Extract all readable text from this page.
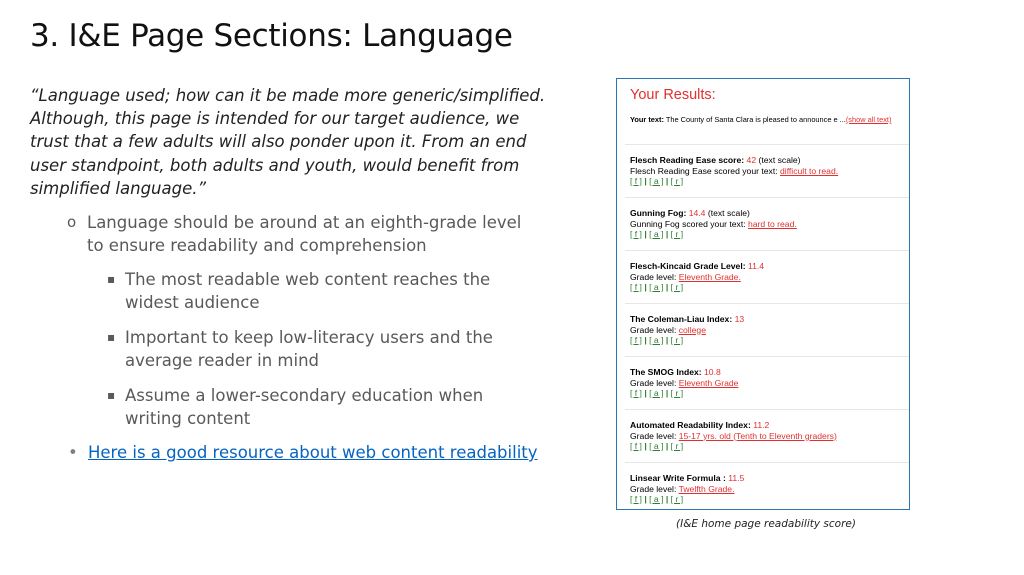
3. I&E Page Sections: Language
“Language used; how can it be made more generic/simplified. Although, this page is intended for our target audience, we trust that a few adults will also ponder upon it. From an end user standpoint, both adults and youth, would benefit from simplified language.”
o Language should be around at an eighth-grade level to ensure readability and comprehension
▪ The most readable web content reaches the widest audience
▪ Important to keep low-literacy users and the average reader in mind
▪ Assume a lower-secondary education when writing content
• Here is a good resource about web content readability
Your Results:
Your text: The County of Santa Clara is pleased to announce e ...(show all text)
Flesch Reading Ease score: 42 (text scale)
Flesch Reading Ease scored your text: difficult to read.
[ f ] | [ a ] | [ r ]
Gunning Fog: 14.4 (text scale)
Gunning Fog scored your text: hard to read.
[ f ] | [ a ] | [ r ]
Flesch-Kincaid Grade Level: 11.4
Grade level: Eleventh Grade.
[ f ] | [ a ] | [ r ]
The Coleman-Liau Index: 13
Grade level: college
[ f ] | [ a ] | [ r ]
The SMOG Index: 10.8
Grade level: Eleventh Grade
[ f ] | [ a ] | [ r ]
Automated Readability Index: 11.2
Grade level: 15-17 yrs. old (Tenth to Eleventh graders)
[ f ] | [ a ] | [ r ]
Linsear Write Formula : 11.5
Grade level: Twelfth Grade.
[ f ] | [ a ] | [ r ]
(I&E home page readability score)
